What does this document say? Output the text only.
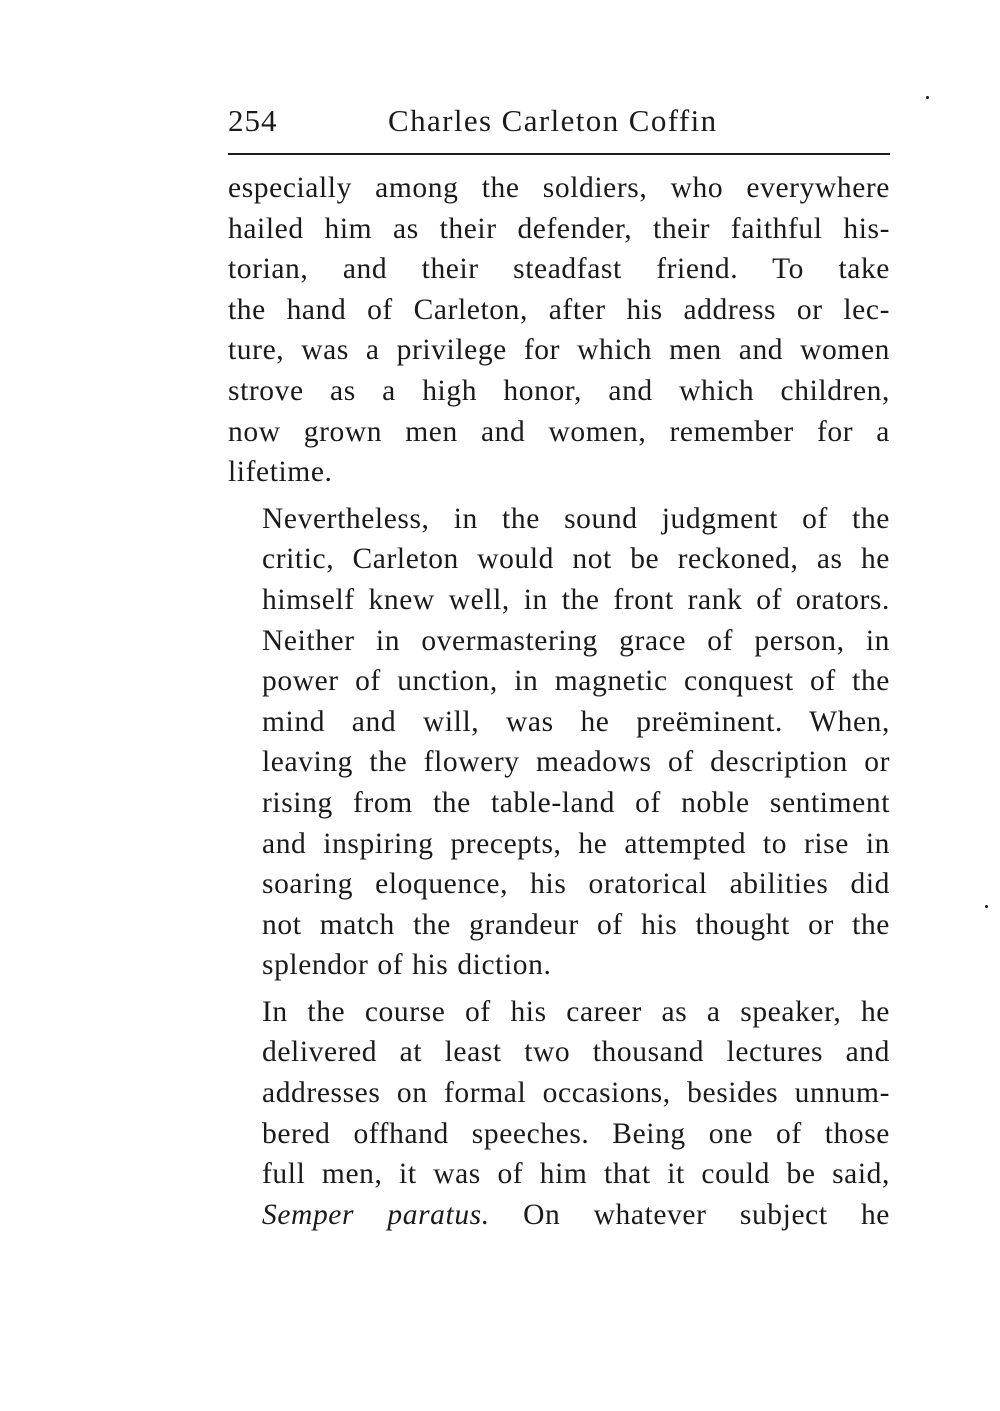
254	Charles Carleton Coffin

especially among the soldiers, who everywhere
hailed him as their defender, their faithful his-
torian, and their steadfast friend. To take
the hand of Carleton, after his address or lec-
ture, was a privilege for which men and women
strove as a high honor, and which children,
now grown men and women, remember for a
lifetime.

Nevertheless, in the sound judgment of the
critic, Carleton would not be reckoned, as he
himself knew well, in the front rank of orators.
Neither in overmastering grace of person, in
power of unction, in magnetic conquest of the
mind and will, was he preëminent. When,
leaving the flowery meadows of description or
rising from the table-land of noble sentiment
and inspiring precepts, he attempted to rise in
soaring eloquence, his oratorical abilities did
not match the grandeur of his thought or the
splendor of his diction.

In the course of his career as a speaker, he
delivered at least two thousand lectures and
addresses on formal occasions, besides unnum-
bered offhand speeches. Being one of those
full men, it was of him that it could be said,
Semper paratus. On whatever subject he
